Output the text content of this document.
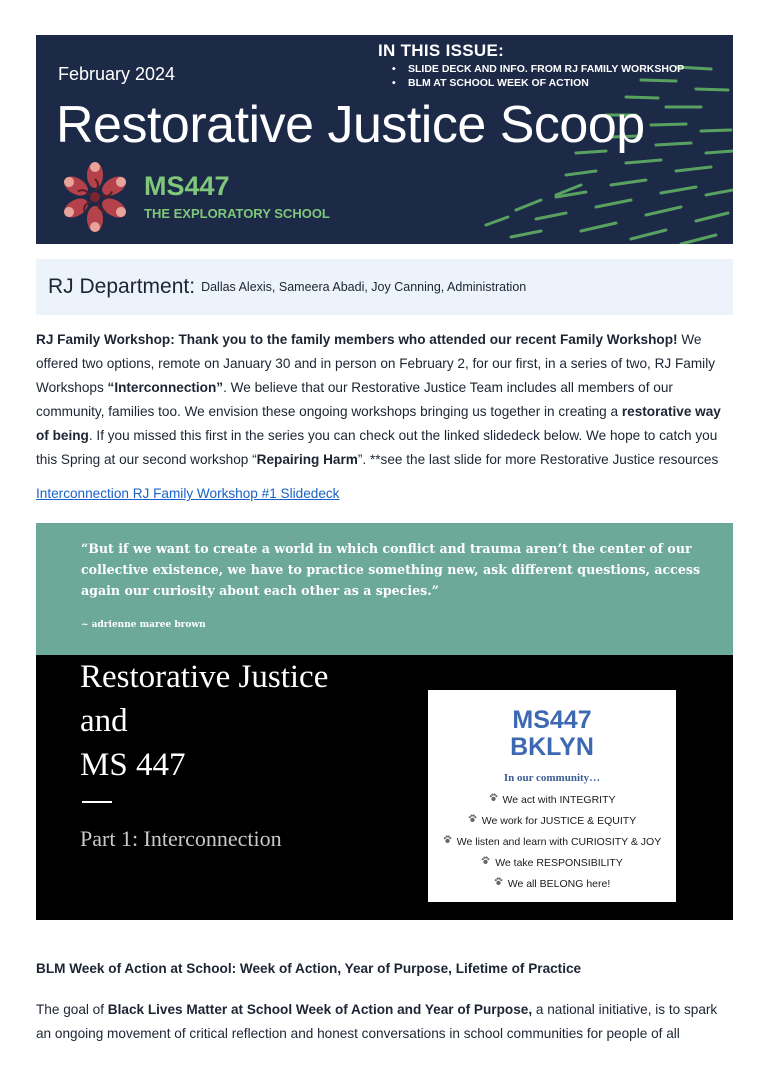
February 2024
IN THIS ISSUE:
• SLIDE DECK AND INFO. FROM RJ FAMILY WORKSHOP
• BLM AT SCHOOL WEEK OF ACTION
Restorative Justice Scoop
MS447
THE EXPLORATORY SCHOOL
RJ Department: Dallas Alexis, Sameera Abadi, Joy Canning, Administration

RJ Family Workshop: Thank you to the family members who attended our recent Family Workshop! We offered two options, remote on January 30 and in person on February 2, for our first, in a series of two, RJ Family Workshops “Interconnection”. We believe that our Restorative Justice Team includes all members of our community, families too. We envision these ongoing workshops bringing us together in creating a restorative way of being. If you missed this first in the series you can check out the linked slidedeck below. We hope to catch you this Spring at our second workshop “Repairing Harm”. **see the last slide for more Restorative Justice resources

Interconnection RJ Family Workshop #1 Slidedeck
“But if we want to create a world in which conflict and trauma aren’t the center of our collective existence, we have to practice something new, ask different questions, access again our curiosity about each other as a species.”
~ adrienne maree brown
Restorative Justice
and
MS 447
Part 1: Interconnection
MS447
BKLYN
In our community…
We act with INTEGRITY
We work for JUSTICE & EQUITY
We listen and learn with CURIOSITY & JOY
We take RESPONSIBILITY
We all BELONG here!
BLM Week of Action at School: Week of Action, Year of Purpose, Lifetime of Practice

The goal of Black Lives Matter at School Week of Action and Year of Purpose, a national initiative, is to spark an ongoing movement of critical reflection and honest conversations in school communities for people of all
